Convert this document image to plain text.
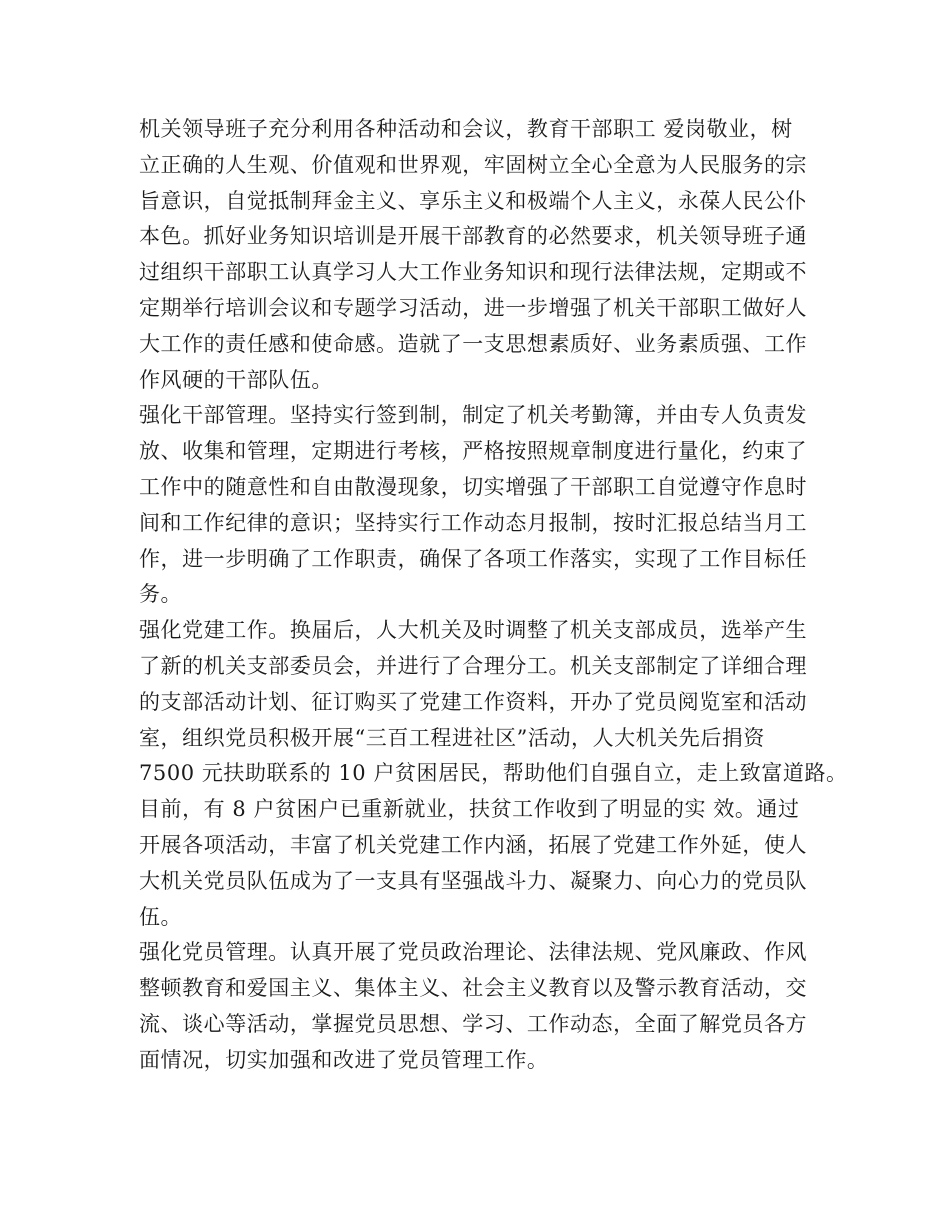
机关领导班子充分利用各种活动和会议，教育干部职工 爱岗敬业，树
立正确的人生观、价值观和世界观，牢固树立全心全意为人民服务的宗
旨意识，自觉抵制拜金主义、享乐主义和极端个人主义，永葆人民公仆
本色。抓好业务知识培训是开展干部教育的必然要求，机关领导班子通
过组织干部职工认真学习人大工作业务知识和现行法律法规，定期或不
定期举行培训会议和专题学习活动，进一步增强了机关干部职工做好人
大工作的责任感和使命感。造就了一支思想素质好、业务素质强、工作
作风硬的干部队伍。
强化干部管理。坚持实行签到制，制定了机关考勤簿，并由专人负责发
放、收集和管理，定期进行考核，严格按照规章制度进行量化，约束了
工作中的随意性和自由散漫现象，切实增强了干部职工自觉遵守作息时
间和工作纪律的意识；坚持实行工作动态月报制，按时汇报总结当月工
作，进一步明确了工作职责，确保了各项工作落实，实现了工作目标任
务。
强化党建工作。换届后，人大机关及时调整了机关支部成员，选举产生
了新的机关支部委员会，并进行了合理分工。机关支部制定了详细合理
的支部活动计划、征订购买了党建工作资料，开办了党员阅览室和活动
室，组织党员积极开展“三百工程进社区”活动，人大机关先后捐资
7500 元扶助联系的 10 户贫困居民，帮助他们自强自立，走上致富道路。
目前，有 8 户贫困户已重新就业，扶贫工作收到了明显的实 效。通过
开展各项活动，丰富了机关党建工作内涵，拓展了党建工作外延，使人
大机关党员队伍成为了一支具有坚强战斗力、凝聚力、向心力的党员队
伍。
强化党员管理。认真开展了党员政治理论、法律法规、党风廉政、作风
整顿教育和爱国主义、集体主义、社会主义教育以及警示教育活动，交
流、谈心等活动，掌握党员思想、学习、工作动态，全面了解党员各方
面情况，切实加强和改进了党员管理工作。
